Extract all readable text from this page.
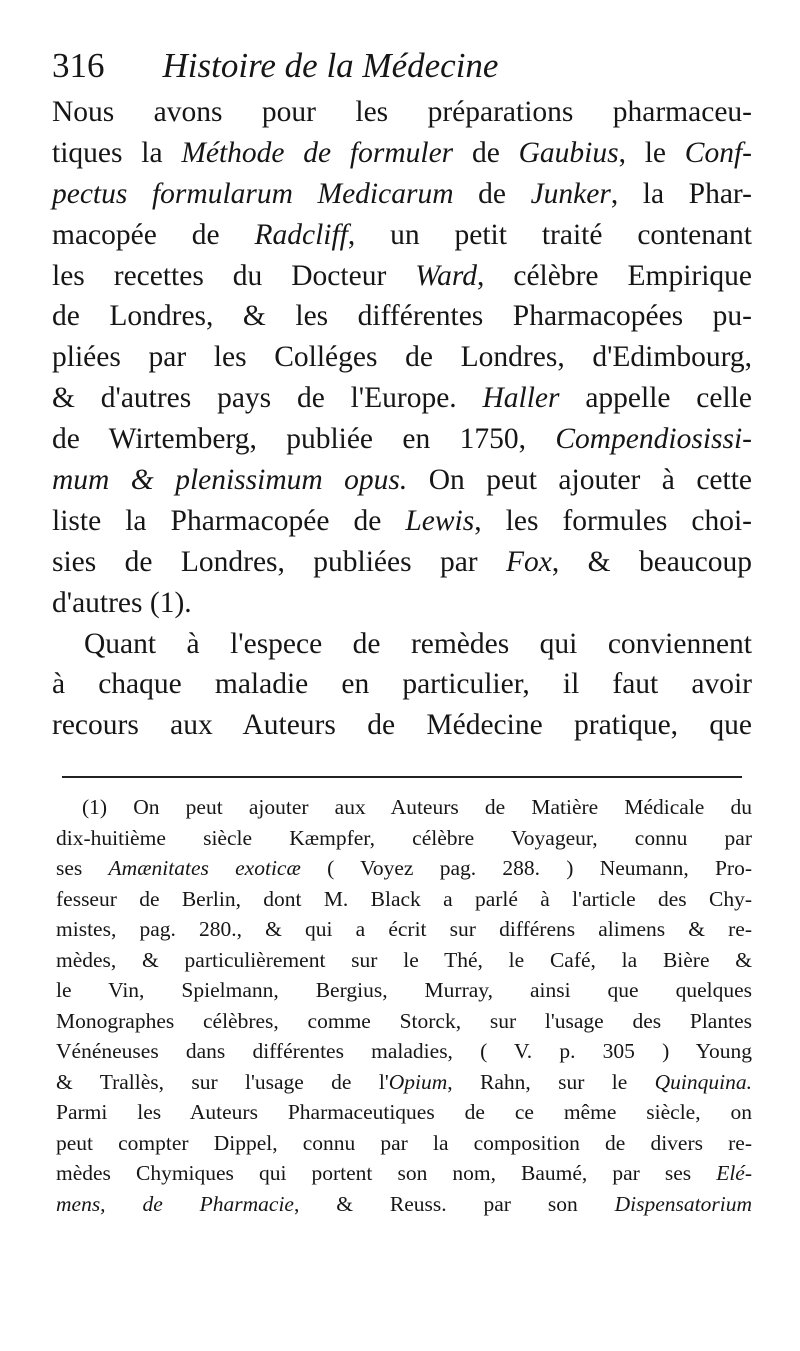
316 Histoire de la Médecine
Nous avons pour les préparations pharmaceu-
tiques la Méthode de formuler de Gaubius, le Conf-
pectus formularum Medicarum de Junker, la Phar-
macopée de Radcliff, un petit traité contenant
les recettes du Docteur Ward, célèbre Empirique
de Londres, & les différentes Pharmacopées pu-
pliées par les Colléges de Londres, d'Edimbourg,
& d'autres pays de l'Europe. Haller appelle celle
de Wirtemberg, publiée en 1750, Compendiosissi-
mum & plenissimum opus. On peut ajouter à cette
liste la Pharmacopée de Lewis, les formules choi-
sies de Londres, publiées par Fox, & beaucoup
d'autres (1).
Quant à l'espece de remèdes qui conviennent
à chaque maladie en particulier, il faut avoir
recours aux Auteurs de Médecine pratique, que
(1) On peut ajouter aux Auteurs de Matière Médicale du
dix-huitième siècle Kæmpfer, célèbre Voyageur, connu par
ses Amænitates exoticæ ( Voyez pag. 288. ) Neumann, Pro-
fesseur de Berlin, dont M. Black a parlé à l'article des Chy-
mistes, pag. 280., & qui a écrit sur différens alimens & re-
mèdes, & particulièrement sur le Thé, le Café, la Bière &
le Vin, Spielmann, Bergius, Murray, ainsi que quelques
Monographes célèbres, comme Storck, sur l'usage des Plantes
Vénéneuses dans différentes maladies, ( V. p. 305 ) Young
& Trallès, sur l'usage de l'Opium, Rahn, sur le Quinquina.
Parmi les Auteurs Pharmaceutiques de ce même siècle, on
peut compter Dippel, connu par la composition de divers re-
mèdes Chymiques qui portent son nom, Baumé, par ses Elé-
mens, de Pharmacie, & Reuss. par son Dispensatorium
